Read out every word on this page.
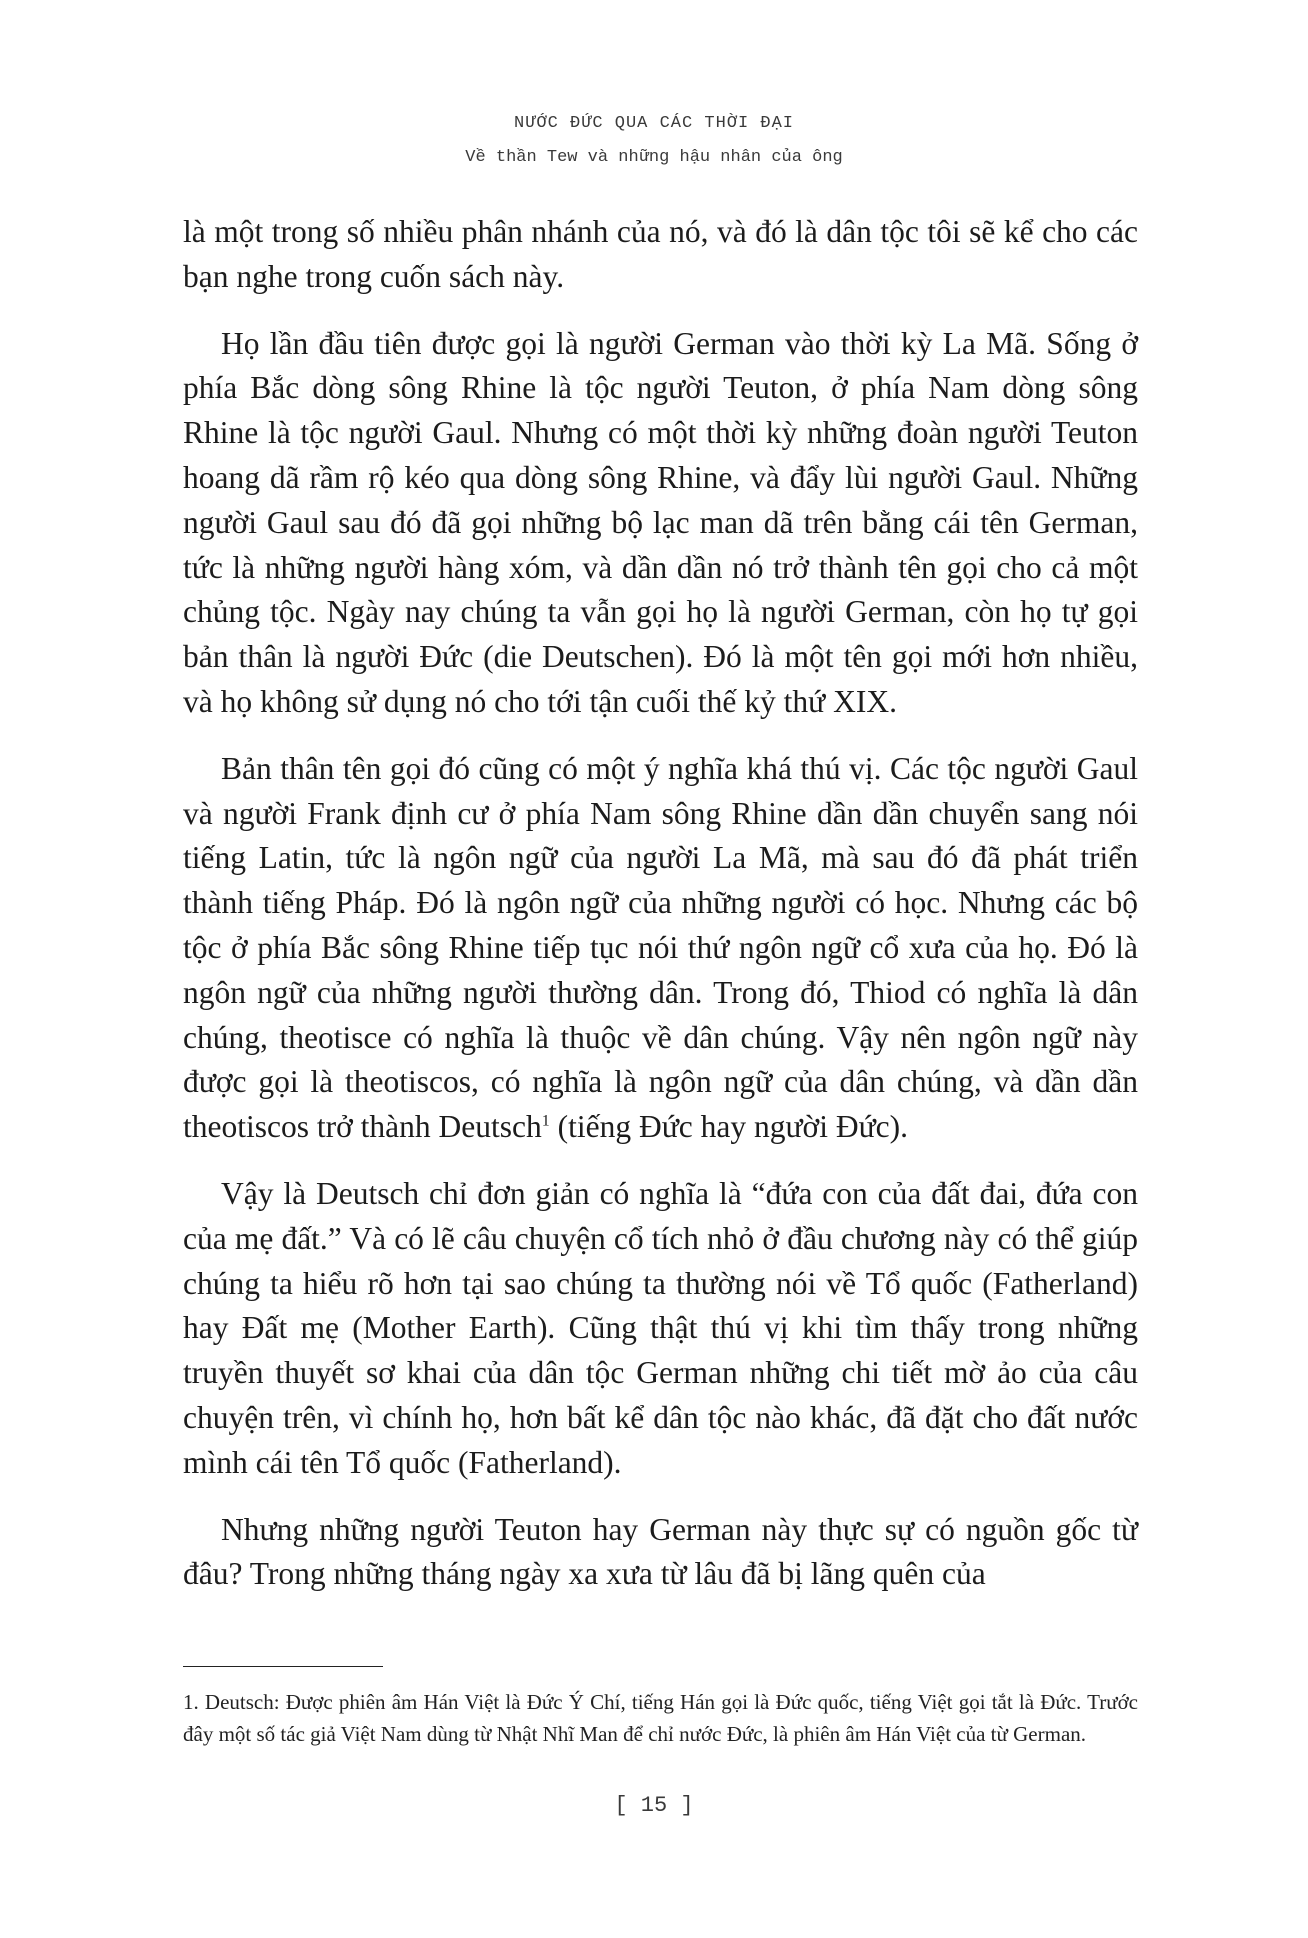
NƯỚC ĐỨC QUA CÁC THỜI ĐẠI
Về thần Tew và những hậu nhân của ông

là một trong số nhiều phân nhánh của nó, và đó là dân tộc tôi sẽ kể cho các bạn nghe trong cuốn sách này.

Họ lần đầu tiên được gọi là người German vào thời kỳ La Mã. Sống ở phía Bắc dòng sông Rhine là tộc người Teuton, ở phía Nam dòng sông Rhine là tộc người Gaul. Nhưng có một thời kỳ những đoàn người Teuton hoang dã rầm rộ kéo qua dòng sông Rhine, và đẩy lùi người Gaul. Những người Gaul sau đó đã gọi những bộ lạc man dã trên bằng cái tên German, tức là những người hàng xóm, và dần dần nó trở thành tên gọi cho cả một chủng tộc. Ngày nay chúng ta vẫn gọi họ là người German, còn họ tự gọi bản thân là người Đức (die Deutschen). Đó là một tên gọi mới hơn nhiều, và họ không sử dụng nó cho tới tận cuối thế kỷ thứ XIX.

Bản thân tên gọi đó cũng có một ý nghĩa khá thú vị. Các tộc người Gaul và người Frank định cư ở phía Nam sông Rhine dần dần chuyển sang nói tiếng Latin, tức là ngôn ngữ của người La Mã, mà sau đó đã phát triển thành tiếng Pháp. Đó là ngôn ngữ của những người có học. Nhưng các bộ tộc ở phía Bắc sông Rhine tiếp tục nói thứ ngôn ngữ cổ xưa của họ. Đó là ngôn ngữ của những người thường dân. Trong đó, Thiod có nghĩa là dân chúng, theotisce có nghĩa là thuộc về dân chúng. Vậy nên ngôn ngữ này được gọi là theotiscos, có nghĩa là ngôn ngữ của dân chúng, và dần dần theotiscos trở thành Deutsch$^1$ (tiếng Đức hay người Đức).

Vậy là Deutsch chỉ đơn giản có nghĩa là “đứa con của đất đai, đứa con của mẹ đất.” Và có lẽ câu chuyện cổ tích nhỏ ở đầu chương này có thể giúp chúng ta hiểu rõ hơn tại sao chúng ta thường nói về Tổ quốc (Fatherland) hay Đất mẹ (Mother Earth). Cũng thật thú vị khi tìm thấy trong những truyền thuyết sơ khai của dân tộc German những chi tiết mờ ảo của câu chuyện trên, vì chính họ, hơn bất kể dân tộc nào khác, đã đặt cho đất nước mình cái tên Tổ quốc (Fatherland).

Nhưng những người Teuton hay German này thực sự có nguồn gốc từ đâu? Trong những tháng ngày xa xưa từ lâu đã bị lãng quên của

1. Deutsch: Được phiên âm Hán Việt là Đức Ý Chí, tiếng Hán gọi là Đức quốc, tiếng Việt gọi tắt là Đức. Trước đây một số tác giả Việt Nam dùng từ Nhật Nhĩ Man để chỉ nước Đức, là phiên âm Hán Việt của từ German.
[ 15 ]
